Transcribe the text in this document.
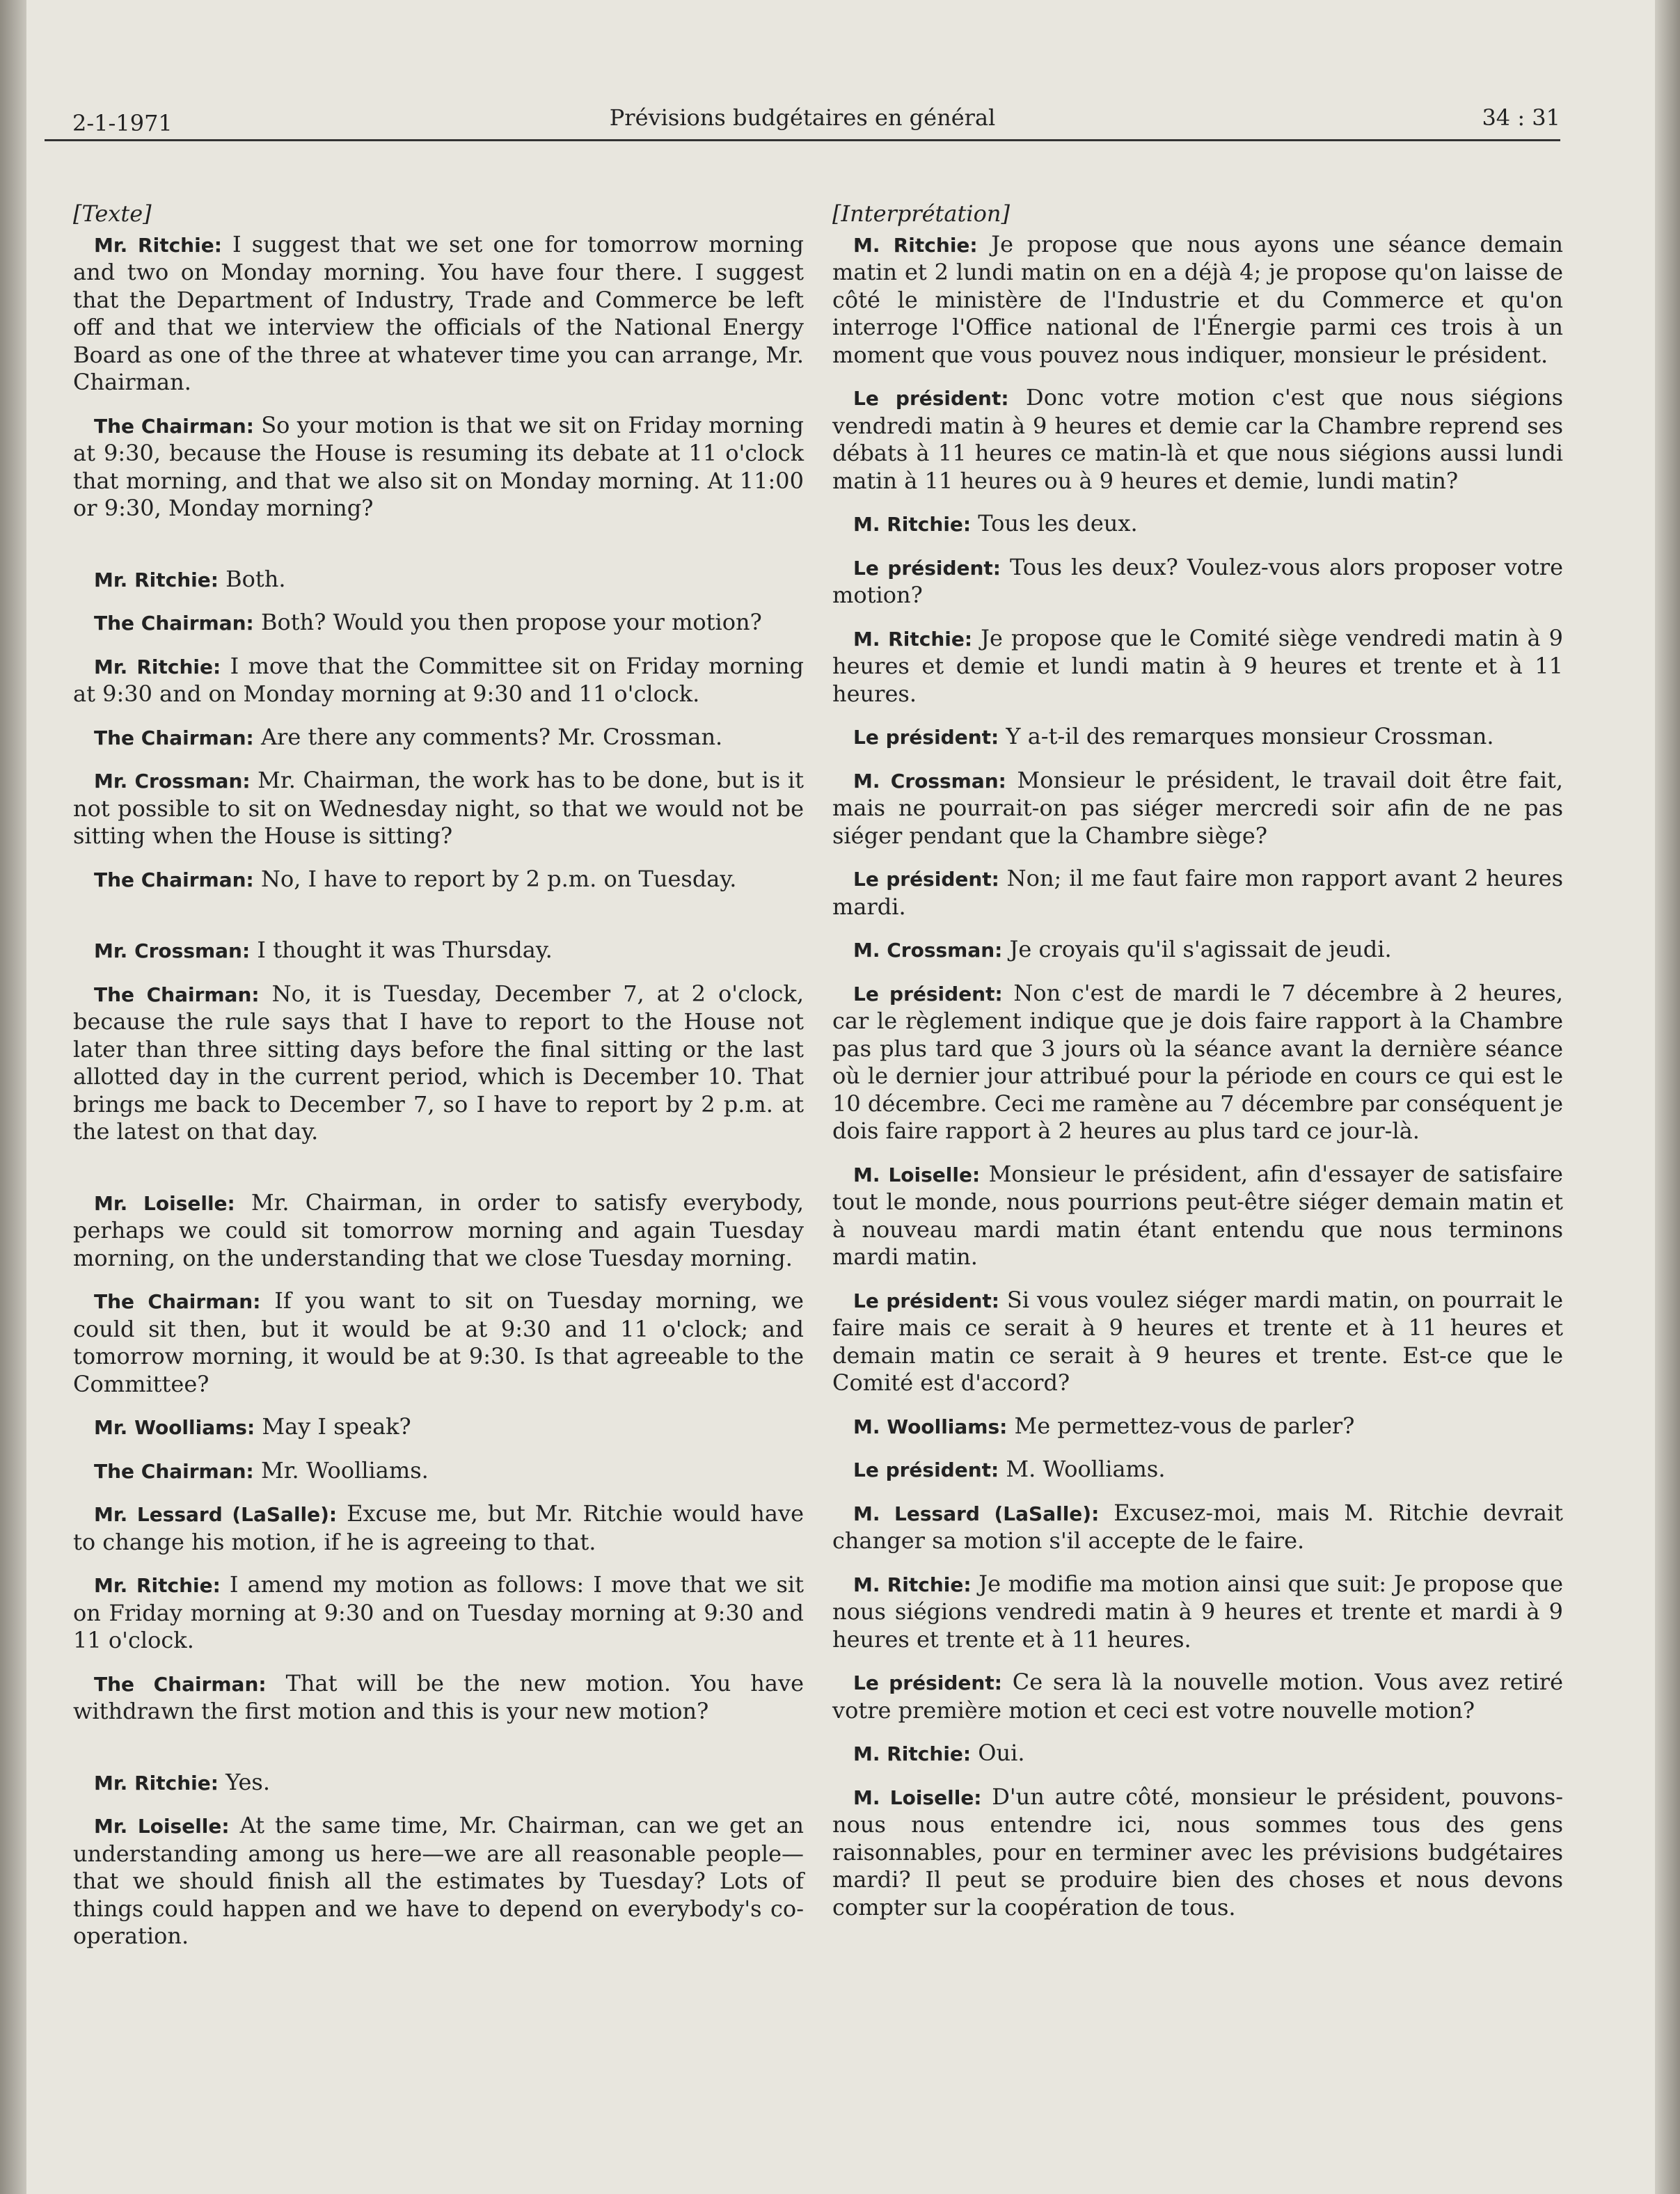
2-1-1971	Prévisions budgétaires en général	34 : 31
[Texte]

Mr. Ritchie: I suggest that we set one for tomorrow morning and two on Monday morning. You have four there. I suggest that the Department of Industry, Trade and Commerce be left off and that we interview the officials of the National Energy Board as one of the three at whatever time you can arrange, Mr. Chairman.

The Chairman: So your motion is that we sit on Friday morning at 9:30, because the House is resuming its debate at 11 o'clock that morning, and that we also sit on Monday morning. At 11:00 or 9:30, Monday morning?

Mr. Ritchie: Both.

The Chairman: Both? Would you then propose your motion?

Mr. Ritchie: I move that the Committee sit on Friday morning at 9:30 and on Monday morning at 9:30 and 11 o'clock.

The Chairman: Are there any comments? Mr. Crossman.

Mr. Crossman: Mr. Chairman, the work has to be done, but is it not possible to sit on Wednesday night, so that we would not be sitting when the House is sitting?

The Chairman: No, I have to report by 2 p.m. on Tuesday.

Mr. Crossman: I thought it was Thursday.

The Chairman: No, it is Tuesday, December 7, at 2 o'clock, because the rule says that I have to report to the House not later than three sitting days before the final sitting or the last allotted day in the current period, which is December 10. That brings me back to December 7, so I have to report by 2 p.m. at the latest on that day.

Mr. Loiselle: Mr. Chairman, in order to satisfy everybody, perhaps we could sit tomorrow morning and again Tuesday morning, on the understanding that we close Tuesday morning.

The Chairman: If you want to sit on Tuesday morning, we could sit then, but it would be at 9:30 and 11 o'clock; and tomorrow morning, it would be at 9:30. Is that agreeable to the Committee?

Mr. Woolliams: May I speak?

The Chairman: Mr. Woolliams.

Mr. Lessard (LaSalle): Excuse me, but Mr. Ritchie would have to change his motion, if he is agreeing to that.

Mr. Ritchie: I amend my motion as follows: I move that we sit on Friday morning at 9:30 and on Tuesday morning at 9:30 and 11 o'clock.

The Chairman: That will be the new motion. You have withdrawn the first motion and this is your new motion?

Mr. Ritchie: Yes.

Mr. Loiselle: At the same time, Mr. Chairman, can we get an understanding among us here—we are all reasonable people—that we should finish all the estimates by Tuesday? Lots of things could happen and we have to depend on everybody's co-operation.

[Interprétation]

M. Ritchie: Je propose que nous ayons une séance demain matin et 2 lundi matin on en a déjà 4; je propose qu'on laisse de côté le ministère de l'Industrie et du Commerce et qu'on interroge l'Office national de l'Énergie parmi ces trois à un moment que vous pouvez nous indiquer, monsieur le président.

Le président: Donc votre motion c'est que nous siégions vendredi matin à 9 heures et demie car la Chambre reprend ses débats à 11 heures ce matin-là et que nous siégions aussi lundi matin à 11 heures ou à 9 heures et demie, lundi matin?

M. Ritchie: Tous les deux.

Le président: Tous les deux? Voulez-vous alors proposer votre motion?

M. Ritchie: Je propose que le Comité siège vendredi matin à 9 heures et demie et lundi matin à 9 heures et trente et à 11 heures.

Le président: Y a-t-il des remarques monsieur Crossman.

M. Crossman: Monsieur le président, le travail doit être fait, mais ne pourrait-on pas siéger mercredi soir afin de ne pas siéger pendant que la Chambre siège?

Le président: Non; il me faut faire mon rapport avant 2 heures mardi.

M. Crossman: Je croyais qu'il s'agissait de jeudi.

Le président: Non c'est de mardi le 7 décembre à 2 heures, car le règlement indique que je dois faire rapport à la Chambre pas plus tard que 3 jours où la séance avant la dernière séance où le dernier jour attribué pour la période en cours ce qui est le 10 décembre. Ceci me ramène au 7 décembre par conséquent je dois faire rapport à 2 heures au plus tard ce jour-là.

M. Loiselle: Monsieur le président, afin d'essayer de satisfaire tout le monde, nous pourrions peut-être siéger demain matin et à nouveau mardi matin étant entendu que nous terminons mardi matin.

Le président: Si vous voulez siéger mardi matin, on pourrait le faire mais ce serait à 9 heures et trente et à 11 heures et demain matin ce serait à 9 heures et trente. Est-ce que le Comité est d'accord?

M. Woolliams: Me permettez-vous de parler?

Le président: M. Woolliams.

M. Lessard (LaSalle): Excusez-moi, mais M. Ritchie devrait changer sa motion s'il accepte de le faire.

M. Ritchie: Je modifie ma motion ainsi que suit: Je propose que nous siégions vendredi matin à 9 heures et trente et mardi à 9 heures et trente et à 11 heures.

Le président: Ce sera là la nouvelle motion. Vous avez retiré votre première motion et ceci est votre nouvelle motion?

M. Ritchie: Oui.

M. Loiselle: D'un autre côté, monsieur le président, pouvons-nous nous entendre ici, nous sommes tous des gens raisonnables, pour en terminer avec les prévisions budgétaires mardi? Il peut se produire bien des choses et nous devons compter sur la coopération de tous.
